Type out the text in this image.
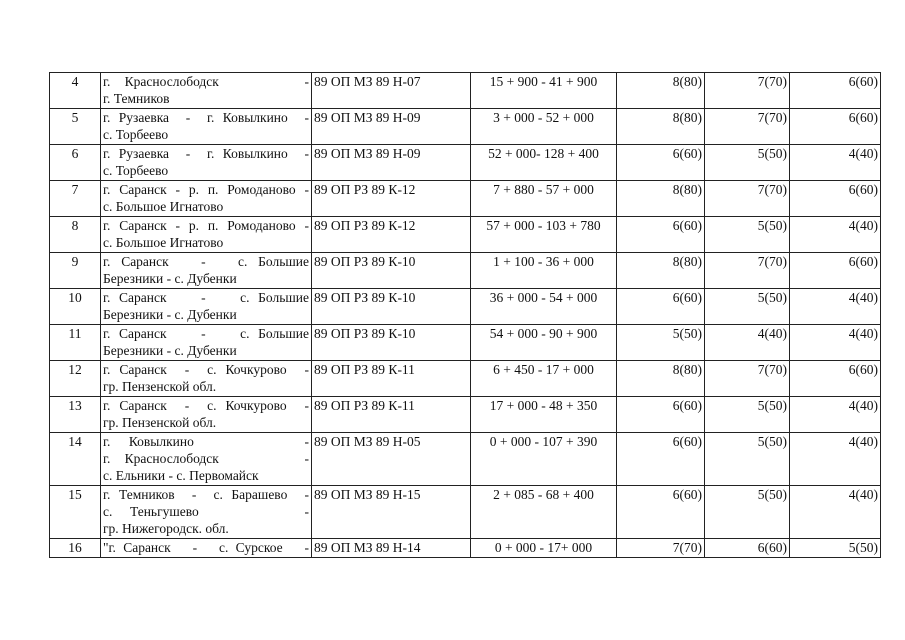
4	г. Краснослободск      -
г. Темников	89 ОП МЗ 89 Н-07	15 + 900 - 41 + 900	8(80)	7(70)	6(60)
5	г. Рузаевка  -  г. Ковылкино  -
с. Торбеево	89 ОП МЗ 89 Н-09	3 + 000 - 52 + 000	8(80)	7(70)	6(60)
6	г. Рузаевка  -  г. Ковылкино  -
с. Торбеево	89 ОП МЗ 89 Н-09	52 + 000- 128 + 400	6(60)	5(50)	4(40)
7	г. Саранск - р. п. Ромоданово -
с. Большое Игнатово	89 ОП РЗ 89 К-12	7 + 880 - 57 + 000	8(80)	7(70)	6(60)
8	г. Саранск - р. п. Ромоданово -
с. Большое Игнатово	89 ОП РЗ 89 К-12	57 + 000 - 103 + 780	6(60)	5(50)	4(40)
9	г. Саранск   -   с. Большие
Березники - с. Дубенки	89 ОП РЗ 89 К-10	1 + 100 - 36 + 000	8(80)	7(70)	6(60)
10	г. Саранск    -    с. Большие
Березники - с. Дубенки	89 ОП РЗ 89 К-10	36 + 000 - 54 + 000	6(60)	5(50)	4(40)
11	г. Саранск    -    с. Большие
Березники - с. Дубенки	89 ОП РЗ 89 К-10	54 + 000 - 90 + 900	5(50)	4(40)	4(40)
12	г. Саранск  -  с. Кочкурово  -
гр. Пензенской обл.	89 ОП РЗ 89 К-11	6 + 450 - 17 + 000	8(80)	7(70)	6(60)
13	г. Саранск  -  с. Кочкурово  -
гр. Пензенской обл.	89 ОП РЗ 89 К-11	17 + 000 - 48 + 350	6(60)	5(50)	4(40)
14	г. Ковылкино      -
г. Краснослободск      -
с. Ельники - с. Первомайск	89 ОП МЗ 89 Н-05	0 + 000 - 107 + 390	6(60)	5(50)	4(40)
15	г. Темников  -  с. Барашево  -
с. Теньгушево      -
гр. Нижегородск. обл.	89 ОП МЗ 89 Н-15	2 + 085 - 68 + 400	6(60)	5(50)	4(40)
16	"г. Саранск   -   с. Сурское   -	89 ОП МЗ 89 Н-14	0 + 000 - 17+ 000	7(70)	6(60)	5(50)
